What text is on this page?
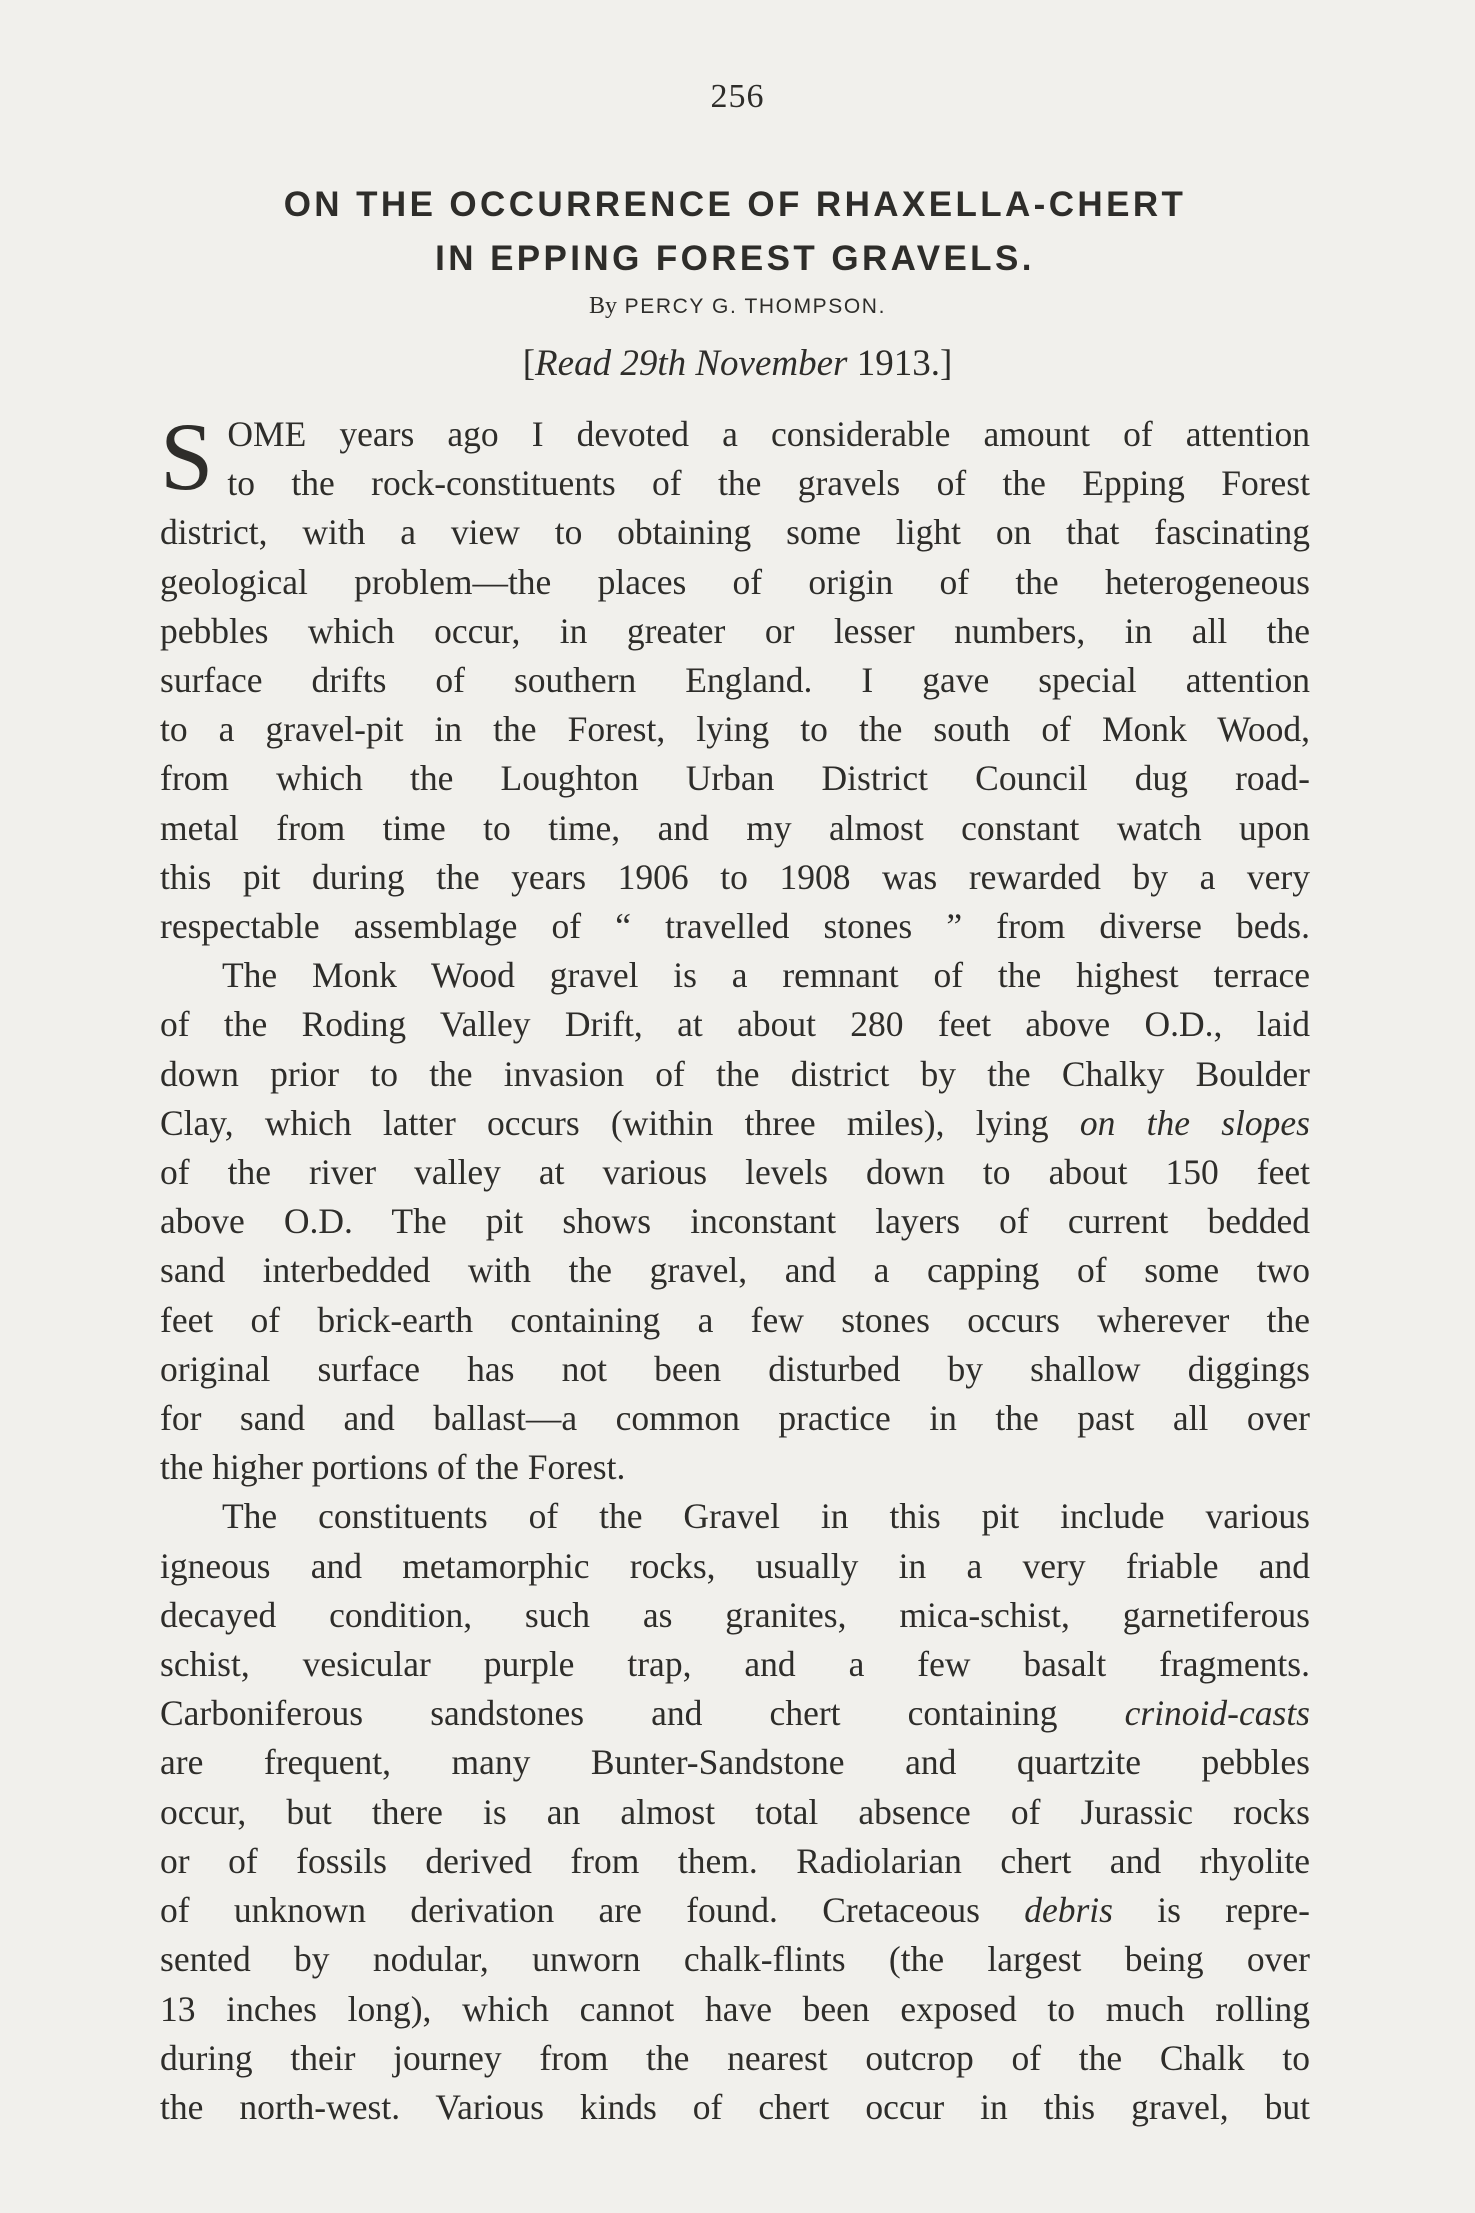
256
ON THE OCCURRENCE OF RHAXELLA-CHERT
IN EPPING FOREST GRAVELS.
By PERCY G. THOMPSON.
[Read 29th November 1913.]
S OME years ago I devoted a considerable amount of attention
to the rock-constituents of the gravels of the Epping Forest
district, with a view to obtaining some light on that fascinating
geological problem—the places of origin of the heterogeneous
pebbles which occur, in greater or lesser numbers, in all the
surface drifts of southern England. I gave special attention
to a gravel-pit in the Forest, lying to the south of Monk Wood,
from which the Loughton Urban District Council dug road-
metal from time to time, and my almost constant watch upon
this pit during the years 1906 to 1908 was rewarded by a very
respectable assemblage of “ travelled stones ” from diverse beds.
The Monk Wood gravel is a remnant of the highest terrace
of the Roding Valley Drift, at about 280 feet above O.D., laid
down prior to the invasion of the district by the Chalky Boulder
Clay, which latter occurs (within three miles), lying on the slopes
of the river valley at various levels down to about 150 feet
above O.D. The pit shows inconstant layers of current bedded
sand interbedded with the gravel, and a capping of some two
feet of brick-earth containing a few stones occurs wherever the
original surface has not been disturbed by shallow diggings
for sand and ballast—a common practice in the past all over
the higher portions of the Forest.
The constituents of the Gravel in this pit include various
igneous and metamorphic rocks, usually in a very friable and
decayed condition, such as granites, mica-schist, garnetiferous
schist, vesicular purple trap, and a few basalt fragments.
Carboniferous sandstones and chert containing crinoid-casts
are frequent, many Bunter-Sandstone and quartzite pebbles
occur, but there is an almost total absence of Jurassic rocks
or of fossils derived from them. Radiolarian chert and rhyolite
of unknown derivation are found. Cretaceous debris is repre-
sented by nodular, unworn chalk-flints (the largest being over
13 inches long), which cannot have been exposed to much rolling
during their journey from the nearest outcrop of the Chalk to
the north-west. Various kinds of chert occur in this gravel, but
